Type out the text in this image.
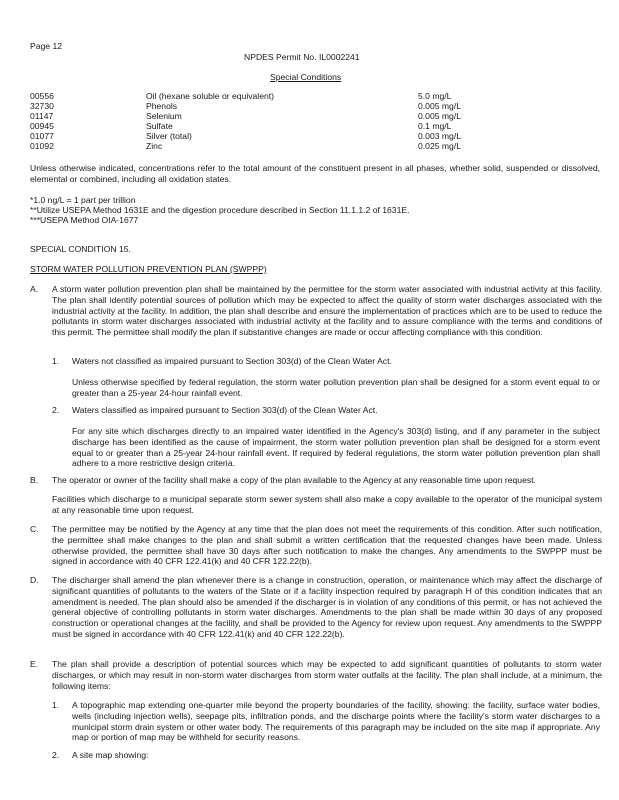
Page 12
NPDES Permit No. IL0002241
Special Conditions
00556	Oil (hexane soluble or equivalent)	5.0 mg/L
32730	Phenols	0.005 mg/L
01147	Selenium	0.005 mg/L
00945	Sulfate	0.1 mg/L
01077	Silver (total)	0.003 mg/L
01092	Zinc	0.025 mg/L
Unless otherwise indicated, concentrations refer to the total amount of the constituent present in all phases, whether solid, suspended or dissolved, elemental or combined, including all oxidation states.
*1.0 ng/L = 1 part per trillion
**Utilize USEPA Method 1631E and the digestion procedure described in Section 11.1.1.2 of 1631E.
***USEPA Method OIA-1677
SPECIAL CONDITION 15.
STORM WATER POLLUTION PREVENTION PLAN (SWPPP)
A. A storm water pollution prevention plan shall be maintained by the permittee for the storm water associated with industrial activity at this facility. The plan shall identify potential sources of pollution which may be expected to affect the quality of storm water discharges associated with the industrial activity at the facility. In addition, the plan shall describe and ensure the implementation of practices which are to be used to reduce the pollutants in storm water discharges associated with industrial activity at the facility and to assure compliance with the terms and conditions of this permit. The permittee shall modify the plan if substantive changes are made or occur affecting compliance with this condition.
1. Waters not classified as impaired pursuant to Section 303(d) of the Clean Water Act.
Unless otherwise specified by federal regulation, the storm water pollution prevention plan shall be designed for a storm event equal to or greater than a 25-year 24-hour rainfall event.
2. Waters classified as impaired pursuant to Section 303(d) of the Clean Water Act.
For any site which discharges directly to an impaired water identified in the Agency's 303(d) listing, and if any parameter in the subject discharge has been identified as the cause of impairment, the storm water pollution prevention plan shall be designed for a storm event equal to or greater than a 25-year 24-hour rainfall event. If required by federal regulations, the storm water pollution prevention plan shall adhere to a more restrictive design criteria.
B. The operator or owner of the facility shall make a copy of the plan available to the Agency at any reasonable time upon request.
Facilities which discharge to a municipal separate storm sewer system shall also make a copy available to the operator of the municipal system at any reasonable time upon request.
C. The permittee may be notified by the Agency at any time that the plan does not meet the requirements of this condition. After such notification, the permittee shall make changes to the plan and shall submit a written certification that the requested changes have been made. Unless otherwise provided, the permittee shall have 30 days after such notification to make the changes. Any amendments to the SWPPP must be signed in accordance with 40 CFR 122.41(k) and 40 CFR 122.22(b).
D. The discharger shall amend the plan whenever there is a change in construction, operation, or maintenance which may affect the discharge of significant quantities of pollutants to the waters of the State or if a facility inspection required by paragraph H of this condition indicates that an amendment is needed. The plan should also be amended if the discharger is in violation of any conditions of this permit, or has not achieved the general objective of controlling pollutants in storm water discharges. Amendments to the plan shall be made within 30 days of any proposed construction or operational changes at the facility, and shall be provided to the Agency for review upon request. Any amendments to the SWPPP must be signed in accordance with 40 CFR 122.41(k) and 40 CFR 122.22(b).
E. The plan shall provide a description of potential sources which may be expected to add significant quantities of pollutants to storm water discharges, or which may result in non-storm water discharges from storm water outfalls at the facility. The plan shall include, at a minimum, the following items:
1. A topographic map extending one-quarter mile beyond the property boundaries of the facility, showing: the facility, surface water bodies, wells (including injection wells), seepage pits, infiltration ponds, and the discharge points where the facility's storm water discharges to a municipal storm drain system or other water body. The requirements of this paragraph may be included on the site map if appropriate. Any map or portion of map may be withheld for security reasons.
2. A site map showing:
